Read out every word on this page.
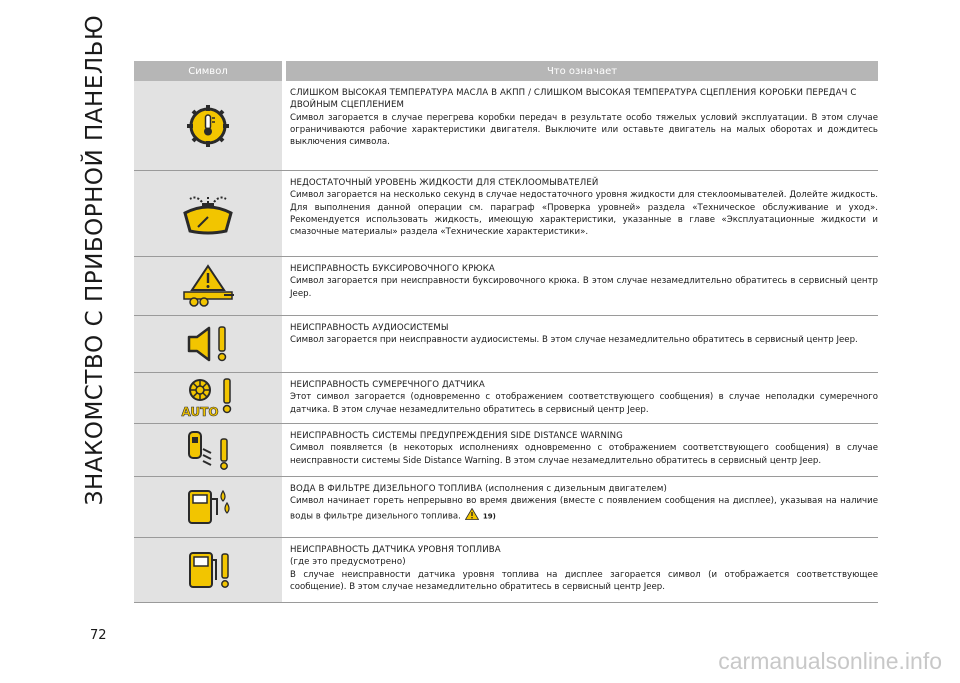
ЗНАКОМСТВО С ПРИБОРНОЙ ПАНЕЛЬЮ	Символ	Что означает
СЛИШКОМ ВЫСОКАЯ ТЕМПЕРАТУРА МАСЛА В АКПП / СЛИШКОМ ВЫСОКАЯ ТЕМПЕРАТУРА СЦЕПЛЕНИЯ КОРОБКИ ПЕРЕДАЧ С ДВОЙНЫМ СЦЕПЛЕНИЕМ
Символ загорается в случае перегрева коробки передач в результате особо тяжелых условий эксплуатации. В этом случае ограничиваются рабочие характеристики двигателя. Выключите или оставьте двигатель на малых оборотах и дождитесь выключения символа.
НЕДОСТАТОЧНЫЙ УРОВЕНЬ ЖИДКОСТИ ДЛЯ СТЕКЛООМЫВАТЕЛЕЙ
Символ загорается на несколько секунд в случае недостаточного уровня жидкости для стеклоомывателей. Долейте жидкость. Для выполнения данной операции см. параграф «Проверка уровней» раздела «Техническое обслуживание и уход». Рекомендуется использовать жидкость, имеющую характеристики, указанные в главе «Эксплуатационные жидкости и смазочные материалы» раздела «Технические характеристики».
НЕИСПРАВНОСТЬ БУКСИРОВОЧНОГО КРЮКА
Символ загорается при неисправности буксировочного крюка. В этом случае незамедлительно обратитесь в сервисный центр Jeep.
НЕИСПРАВНОСТЬ АУДИОСИСТЕМЫ
Символ загорается при неисправности аудиосистемы. В этом случае незамедлительно обратитесь в сервисный центр Jeep.
AUTO
НЕИСПРАВНОСТЬ СУМЕРЕЧНОГО ДАТЧИКА
Этот символ загорается (одновременно с отображением соответствующего сообщения) в случае неполадки сумеречного датчика. В этом случае незамедлительно обратитесь в сервисный центр Jeep.
НЕИСПРАВНОСТЬ СИСТЕМЫ ПРЕДУПРЕЖДЕНИЯ SIDE DISTANCE WARNING
Символ появляется (в некоторых исполнениях одновременно с отображением соответствующего сообщения) в случае неисправности системы Side Distance Warning. В этом случае незамедлительно обратитесь в сервисный центр Jeep.
ВОДА В ФИЛЬТРЕ ДИЗЕЛЬНОГО ТОПЛИВА (исполнения с дизельным двигателем)
Символ начинает гореть непрерывно во время движения (вместе с появлением сообщения на дисплее), указывая на наличие воды в фильтре дизельного топлива.	19)
НЕИСПРАВНОСТЬ ДАТЧИКА УРОВНЯ ТОПЛИВА
(где это предусмотрено)
В случае неисправности датчика уровня топлива на дисплее загорается символ (и отображается соответствующее сообщение). В этом случае незамедлительно обратитесь в сервисный центр Jeep.
72
carmanualsonline.info
